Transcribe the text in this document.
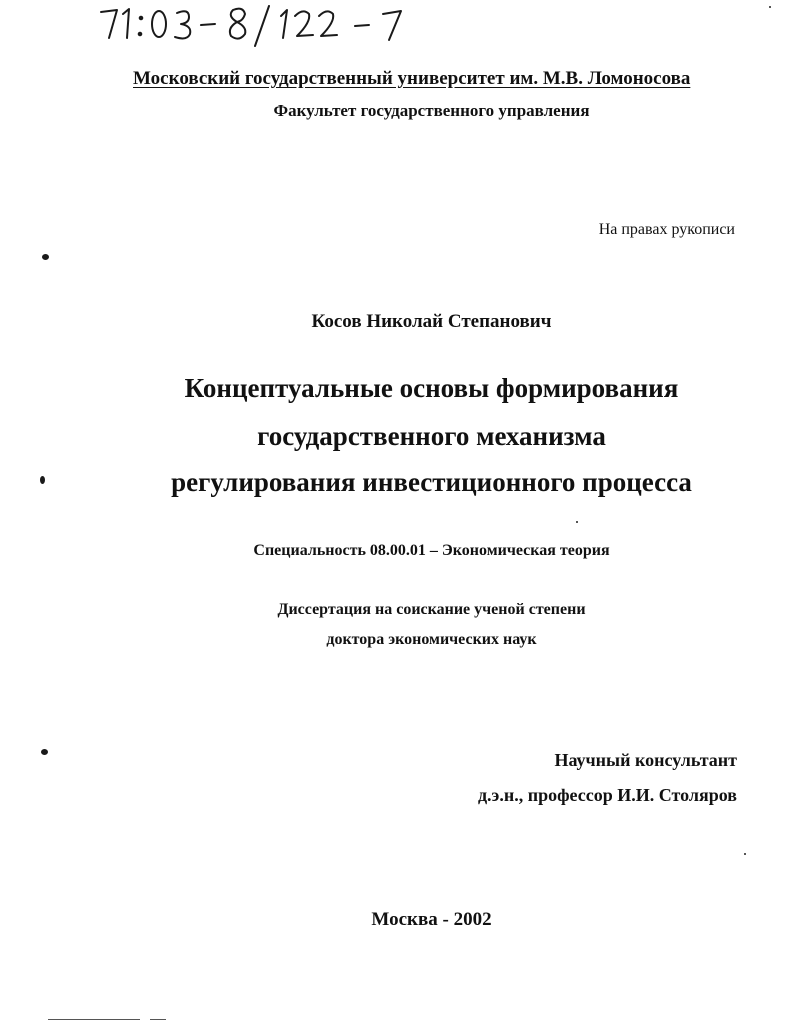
Московский государственный университет им. М.В. Ломоносова
Факультет государственного управления
На правах рукописи
Косов Николай Степанович
Концептуальные основы формирования
государственного механизма
регулирования инвестиционного процесса
Специальность 08.00.01 – Экономическая теория
Диссертация на соискание ученой степени
доктора экономических наук
Научный консультант
д.э.н., профессор И.И. Столяров
Москва - 2002
